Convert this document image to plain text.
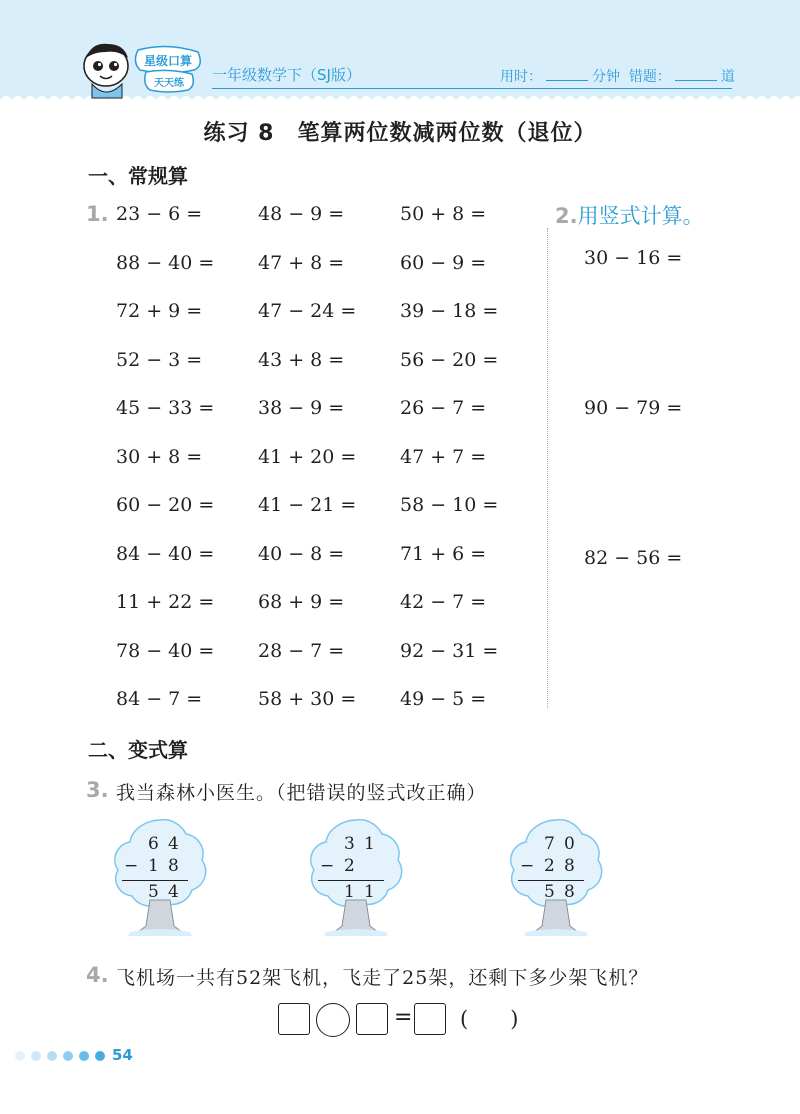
星级口算
天天练 一年级数学下（SJ版）	用时：	分钟 错题：	道
练习 8　笔算两位数减两位数（退位）
一、常规算
1. 23 − 6 =	48 − 9 =	50 + 8 =
88 − 40 = 47 + 8 =	60 − 9 =
72 + 9 =	47 − 24 = 39 − 18 =
52 − 3 =	43 + 8 =	56 − 20 =
45 − 33 = 38 − 9 =	26 − 7 =
30 + 8 =	41 + 20 = 47 + 7 =
60 − 20 = 41 − 21 = 58 − 10 =
84 − 40 = 40 − 8 =	71 + 6 =
11 + 22 = 68 + 9 =	42 − 7 =
78 − 40 = 28 − 7 =	92 − 31 =
84 − 7 =	58 + 30 = 49 − 5 =
2.用竖式计算。
30 − 16 =
90 − 79 =
82 − 56 =
二、变式算
3. 我当森林小医生。（把错误的竖式改正确）
6 4
− 1 8
5 4
3 1
− 2
1 1
7 0
− 2 8
5 8
4. 飞机场一共有52架飞机，飞走了25架，还剩下多少架飞机？
= (　　)
54
